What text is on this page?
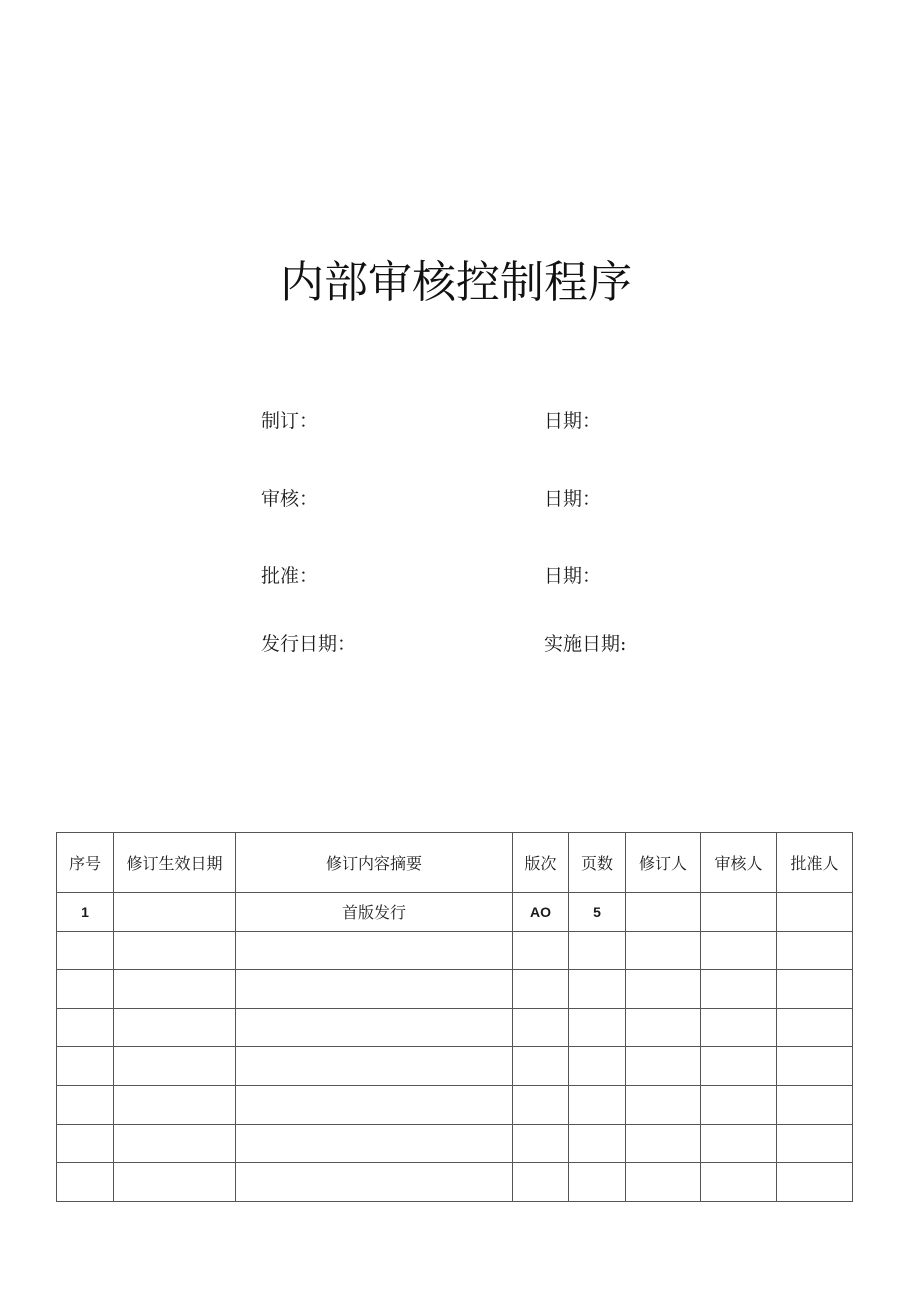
内部审核控制程序
制订：	日期：
审核：	日期：
批准：	日期：
发行日期：	实施日期:
序号	修订生效日期	修订内容摘要	版次	页数	修订人	审核人	批准人
1		首版发行	AO	5			
